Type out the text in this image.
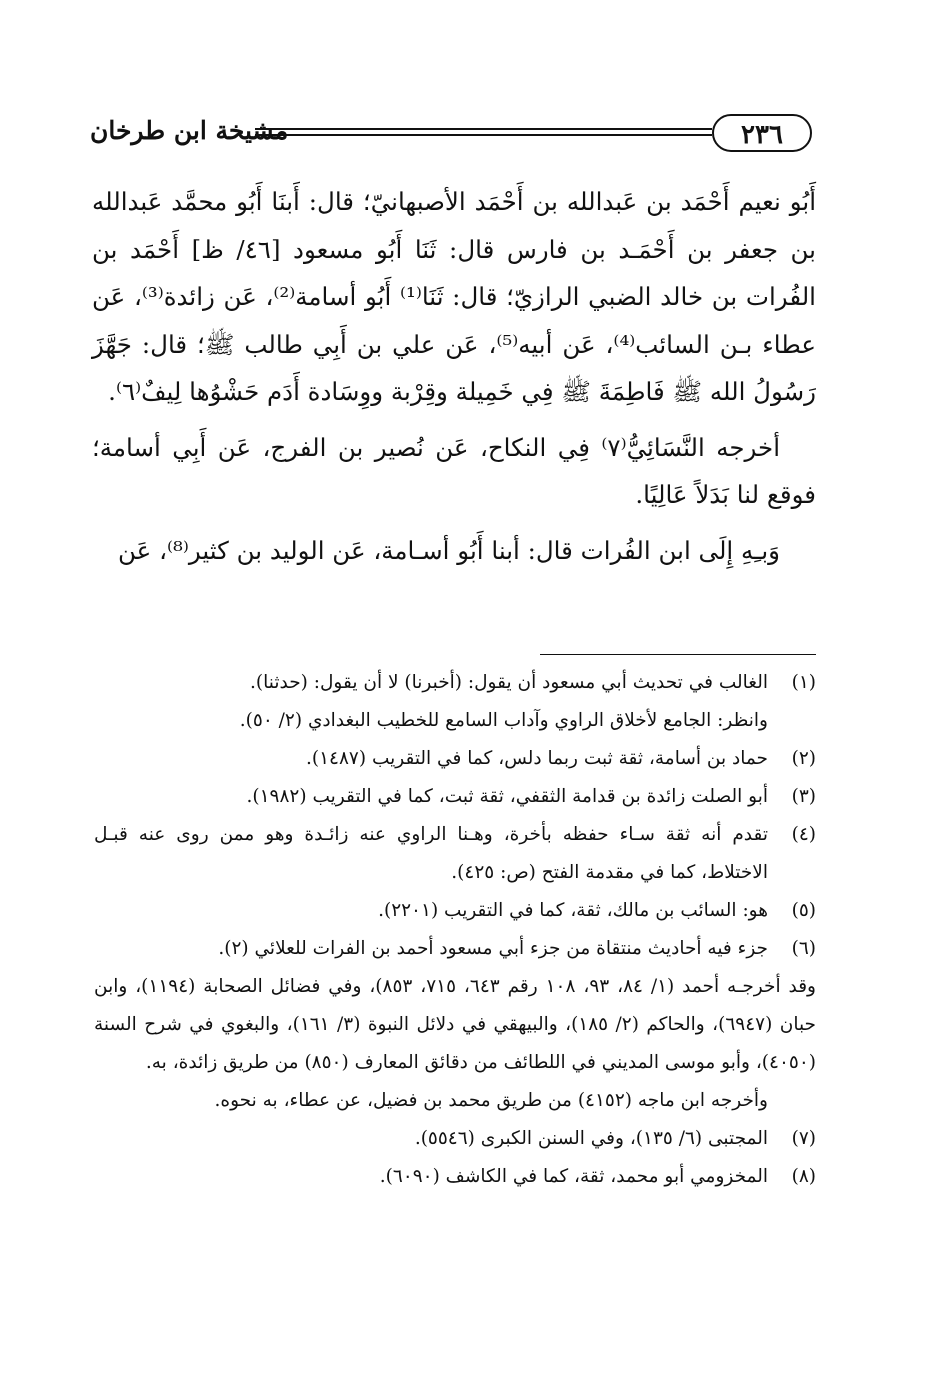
٢٣٦
مشيخة ابن طرخان

أَبُو نعيم أَحْمَد بن عَبدالله بن أَحْمَد الأصبهانيّ؛ قال: أَبنَا أَبُو محمَّد عَبدالله بن جعفر بن أَحْمَـد بن فارس قال: ثَنَا أَبُو مسعود [٤٦/ ظ] أَحْمَد بن الفُرات بن خالد الضبي الرازيّ؛ قال: ثَنَا⁽¹⁾ أَبُو أسامة⁽²⁾، عَن زائدة⁽³⁾، عَن عطاء بـن السائب⁽⁴⁾، عَن أبيه⁽⁵⁾، عَن علي بن أَبِي طالب ﷺ؛ قال: جَهَّزَ رَسُولُ الله ﷺ فَاطِمَةَ ﷺ فِي خَمِيلة وقِرْبة ووِسَادة أَدَم حَشْوُها لِيفٌ⁽٦⁾.

أخرجه النَّسَائِيُّ⁽٧⁾ فِي النكاح، عَن نُصير بن الفرج، عَن أَبِي أسامة؛ فوقع لنا بَدَلاً عَالِيًا.

وَبـِهِ إِلَى ابن الفُرات قال: أبنا أَبُو أسـامة، عَن الوليد بن كثير⁽⁸⁾، عَن

(١)
الغالب في تحديث أبي مسعود أن يقول: (أخبرنا) لا أن يقول: (حدثنا).
وانظر: الجامع لأخلاق الراوي وآداب السامع للخطيب البغدادي (٢/ ٥٠).
(٢)
حماد بن أسامة، ثقة ثبت ربما دلس، كما في التقريب (١٤٨٧).
(٣)
أبو الصلت زائدة بن قدامة الثقفي، ثقة ثبت، كما في التقريب (١٩٨٢).
(٤)
تقدم أنه ثقة سـاء حفظه بأخرة، وهـنا الراوي عنه زائـدة وهو ممن روى عنه قبـل الاختلاط، كما في مقدمة الفتح (ص: ٤٢٥).
(٥)
هو: السائب بن مالك، ثقة، كما في التقريب (٢٢٠١).
(٦)
جزء فيه أحاديث منتقاة من جزء أبي مسعود أحمد بن الفرات للعلائي (٢).
وقد أخرجـه أحمد (١/ ٨٤، ٩٣، ١٠٨ رقم ٦٤٣، ٧١٥، ٨٥٣)، وفي فضائل الصحابة (١١٩٤)، وابن حبان (٦٩٤٧)، والحاكم (٢/ ١٨٥)، والبيهقي في دلائل النبوة (٣/ ١٦١)، والبغوي في شرح السنة (٤٠٥٠)، وأبو موسى المديني في اللطائف من دقائق المعارف (٨٥٠) من طريق زائدة، به.
وأخرجه ابن ماجه (٤١٥٢) من طريق محمد بن فضيل، عن عطاء، به نحوه.
(٧)
المجتبى (٦/ ١٣٥)، وفي السنن الكبرى (٥٥٤٦).
(٨)
المخزومي أبو محمد، ثقة، كما في الكاشف (٦٠٩٠).
